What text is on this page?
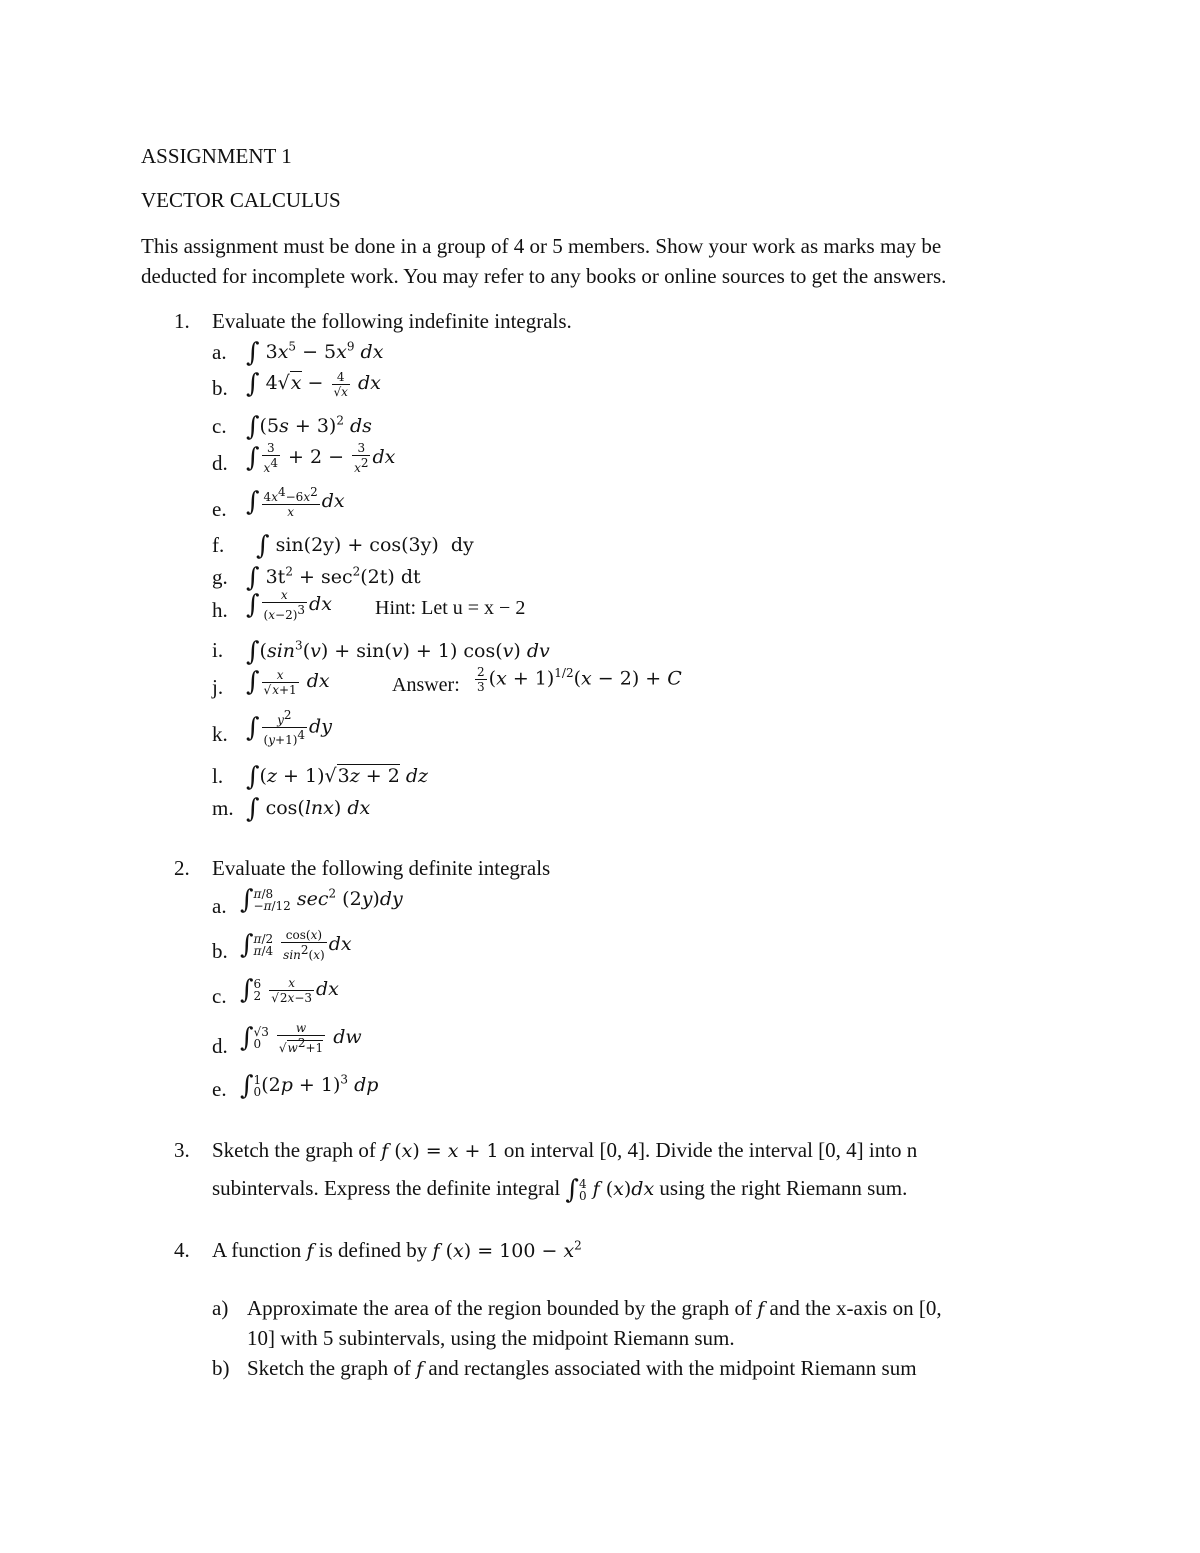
ASSIGNMENT 1
VECTOR CALCULUS
This assignment must be done in a group of 4 or 5 members. Show your work as marks may be
deducted for incomplete work. You may refer to any books or online sources to get the answers.
1. Evaluate the following indefinite integrals.
a. ∫ $3x^5 - 5x^9$ dx
b. ∫ $4√x - \frac{4}{√x}$ dx
c. $\int(5s + 3)^2$ ds
d. ∫ $\frac{3}{x^4} + 2 - \frac{3}{x^2}$ dx
e. ∫ $\frac{4x^4-6x^2}{x}$ dx
f. ∫ sin(2y) + cos(3y)  dy
g. ∫ $3t^2 + \sec^2(2t)$ dt
h. ∫ $\frac{x}{(x-2)^3}$ dx Hint: Let u = x − 2
i. $\int(\sin^3(v) + \sin(v) + 1)$ cos(v) dv
j. ∫ $\frac{x}{√x+1}$ dx	Answer: $\frac{2}{3} (x + 1)^{1/2}(x - 2) + C$
k. ∫ $\frac{y^2}{(y+1)^4}$ dy
l. ∫(z + 1)√3z + 2 dz
m. ∫ cos(lnx) dx
2. Evaluate the following definite integrals
a. ∫ π/8
−π/12 $\sec^2 (2y)dy$
b. ∫ π/2
π/4
$\frac{\cos(x)}{\sin^2(x)}$ dx
c. ∫ 6
2
$\frac{x}{√2x-3}$ dx
d. ∫ √3
0
	$\frac{w}{√w^2+1}$ dw
e. ∫ 1
0 $(2p + 1)^3$ dp
3. Sketch the graph of f (x) = x + 1 on interval [0, 4]. Divide the interval [0, 4] into n
subintervals. Express the definite integral ∫ 4
0 f (x)dx using the right Riemann sum.
4. A function f is defined by f $(x) = 100 - x^2$
a) Approximate the area of the region bounded by the graph of f and the x-axis on [0,
10] with 5 subintervals, using the midpoint Riemann sum.
b) Sketch the graph of f and rectangles associated with the midpoint Riemann sum
